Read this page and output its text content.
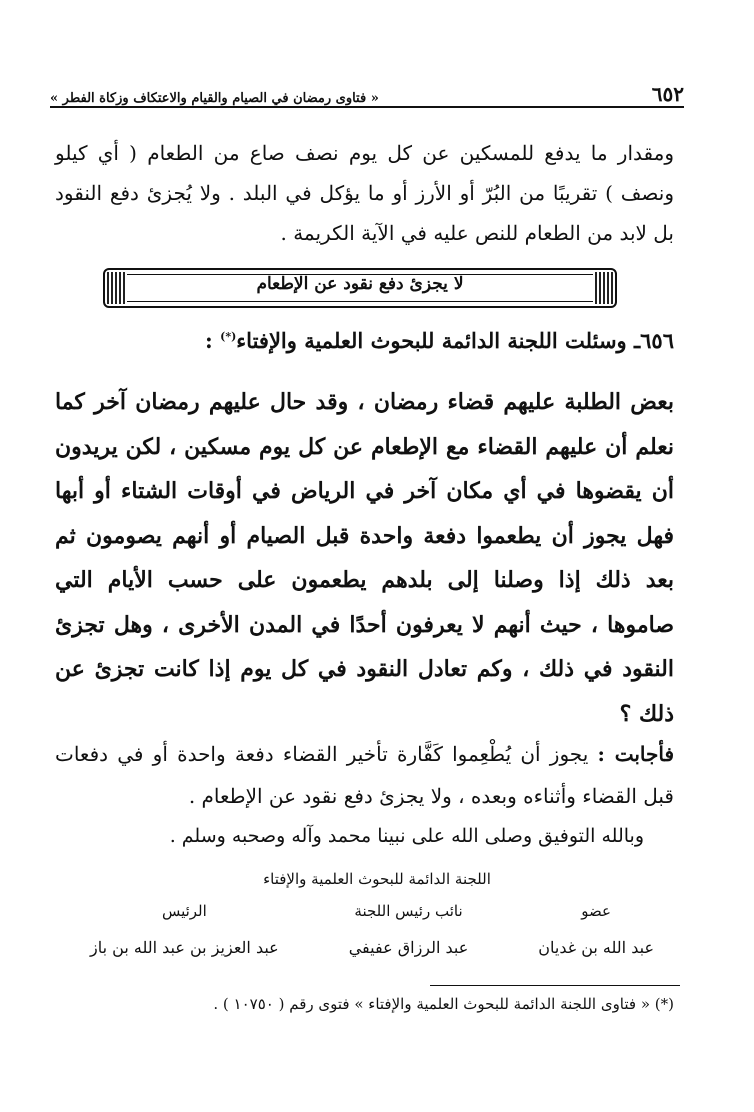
٦٥٢
« فتاوى رمضان في الصيام والقيام والاعتكاف وزكاة الفطر »
ومقدار ما يدفع للمسكين عن كل يوم نصف صاع من الطعام ( أي كيلو ونصف ) تقريبًا من البُرّ أو الأرز أو ما يؤكل في البلد . ولا يُجزئ دفع النقود بل لابد من الطعام للنص عليه في الآية الكريمة .
لا يجزئ دفع نقود عن الإطعام
٦٥٦ـ وسئلت اللجنة الدائمة للبحوث العلمية والإفتاء(*) :
بعض الطلبة عليهم قضاء رمضان ، وقد حال عليهم رمضان آخر كما نعلم أن عليهم القضاء مع الإطعام عن كل يوم مسكين ، لكن يريدون أن يقضوها في أي مكان آخر في الرياض في أوقات الشتاء أو أبها فهل يجوز أن يطعموا دفعة واحدة قبل الصيام أو أنهم يصومون ثم بعد ذلك إذا وصلنا إلى بلدهم يطعمون على حسب الأيام التي صاموها ، حيث أنهم لا يعرفون أحدًا في المدن الأخرى ، وهل تجزئ النقود في ذلك ، وكم تعادل النقود في كل يوم إذا كانت تجزئ عن ذلك ؟
فأجابت : يجوز أن يُطْعِموا كَفَّارة تأخير القضاء دفعة واحدة أو في دفعات قبل القضاء وأثناءه وبعده ، ولا يجزئ دفع نقود عن الإطعام .
وبالله التوفيق وصلى الله على نبينا محمد وآله وصحبه وسلم .
اللجنة الدائمة للبحوث العلمية والإفتاء
عضو
عبد الله بن غديان
نائب رئيس اللجنة
عبد الرزاق عفيفي
الرئيس
عبد العزيز بن عبد الله بن باز
(*) « فتاوى اللجنة الدائمة للبحوث العلمية والإفتاء » فتوى رقم ( ١٠٧٥٠ ) .
